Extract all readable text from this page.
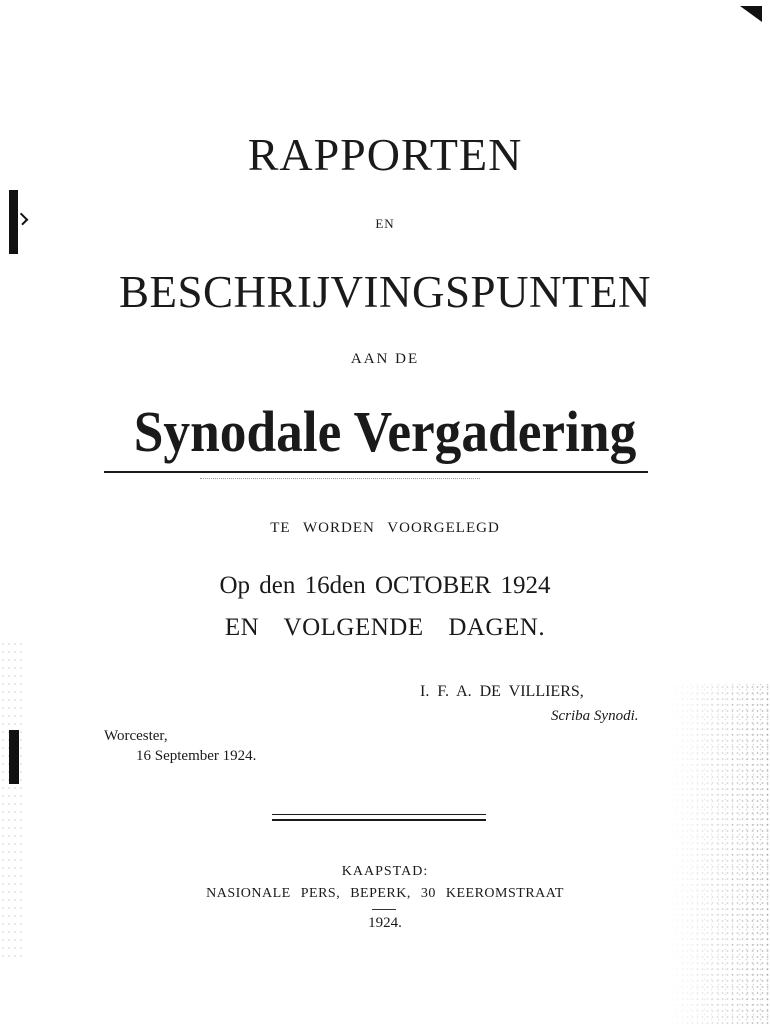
RAPPORTEN
EN
BESCHRIJVINGSPUNTEN
AAN DE
Synodale Vergadering
TE WORDEN VOORGELEGD
Op den 16den OCTOBER 1924
EN VOLGENDE DAGEN.
I. F. A. DE VILLIERS,
Scriba Synodi.
Worcester,
16 September 1924.
KAAPSTAD:
NASIONALE PERS, BEPERK, 30 KEEROMSTRAAT
1924.
